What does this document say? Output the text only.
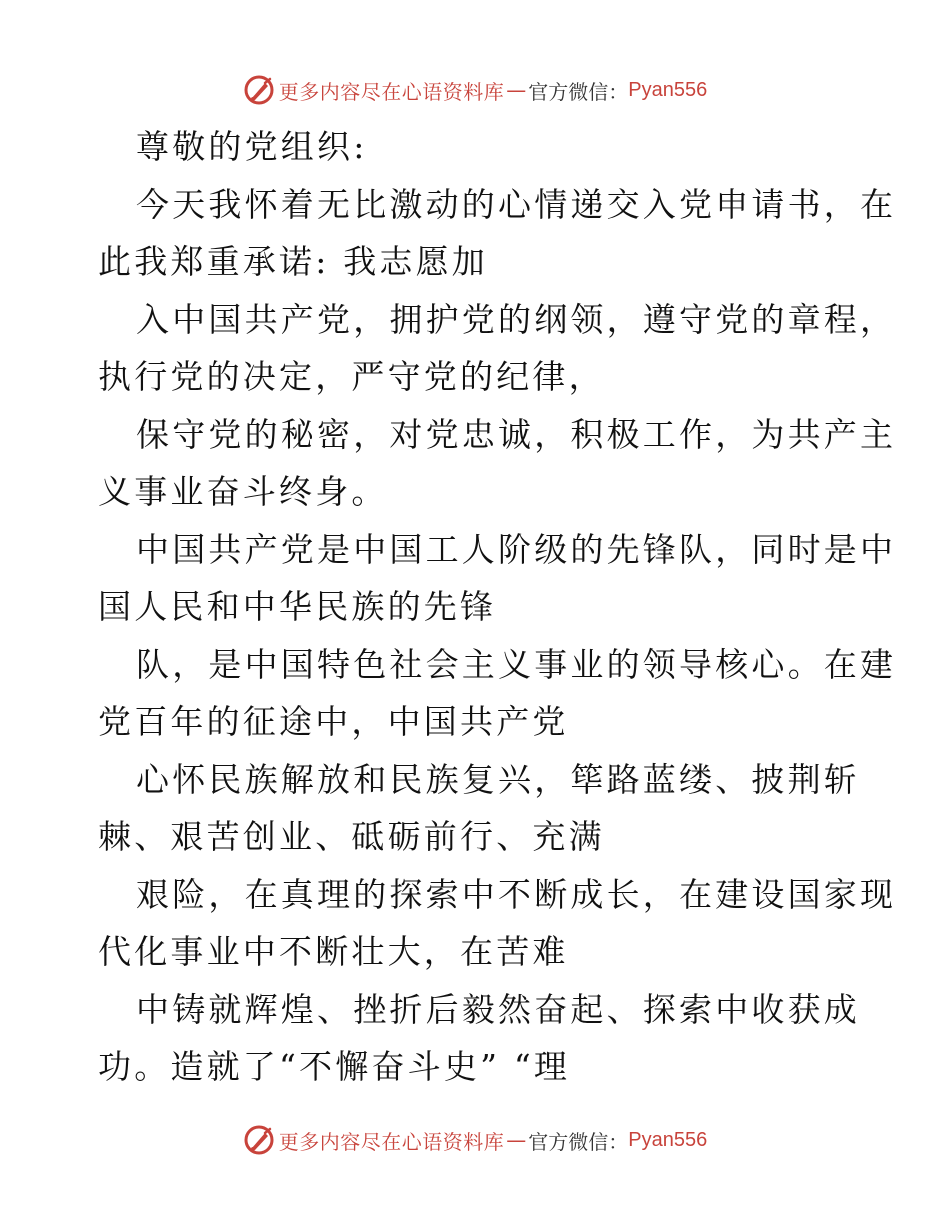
更多内容尽在心语资料库 — 官方微信： Pyan556
尊敬的党组织:
今天我怀着无比激动的心情递交入党申请书，在
此我郑重承诺: 我志愿加
入中国共产党，拥护党的纲领，遵守党的章程，
执行党的决定，严守党的纪律，
保守党的秘密，对党忠诚，积极工作，为共产主
义事业奋斗终身。
中国共产党是中国工人阶级的先锋队，同时是中
国人民和中华民族的先锋
队，是中国特色社会主义事业的领导核心。在建
党百年的征途中，中国共产党
心怀民族解放和民族复兴，筚路蓝缕、披荆斩
棘、艰苦创业、砥砺前行、充满
艰险，在真理的探索中不断成长，在建设国家现
代化事业中不断壮大，在苦难
中铸就辉煌、挫折后毅然奋起、探索中收获成
功。造就了“不懈奋斗史” “理
更多内容尽在心语资料库 — 官方微信： Pyan556
